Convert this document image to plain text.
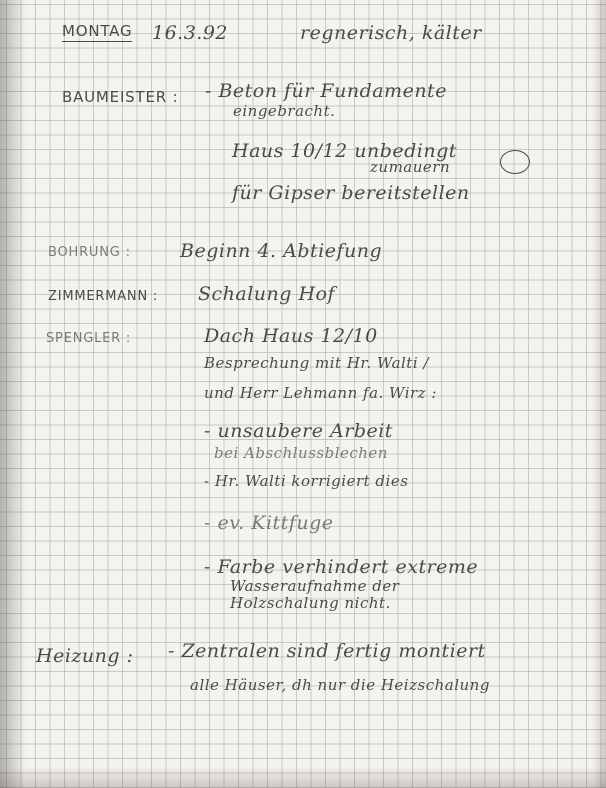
MONTAG 16.3.92	regnerisch, kälter
BAUMEISTER : - Beton für Fundamente
eingebracht.
Haus 10/12 unbedingt
zumauern
für Gipser bereitstellen
BOHRUNG :	Beginn 4. Abtiefung
ZIMMERMANN : Schalung Hof
SPENGLER :	Dach Haus 12/10
Besprechung mit Hr. Walti /
und Herr Lehmann fa. Wirz :
- unsaubere Arbeit
bei Abschlussblechen
- Hr. Walti korrigiert dies
- ev. Kittfuge
- Farbe verhindert extreme
Wasseraufnahme der
Holzschalung nicht.
Heizung : - Zentralen sind fertig montiert
alle Häuser, dh nur die Heizschalung
